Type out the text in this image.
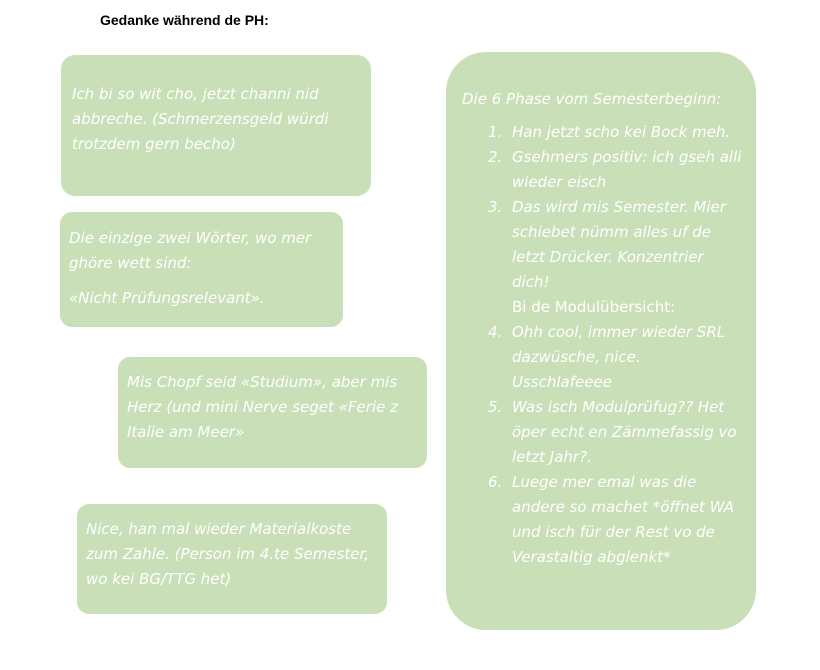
Gedanke während de PH:

Ich bi so wit cho, jetzt channi nid abbreche. (Schmerzensgeld würdi trotzdem gern becho)

Die einzige zwei Wörter, wo mer ghöre wett sind:

«Nicht Prüfungsrelevant».

Mis Chopf seid «Studium», aber mis Herz (und mini Nerve seget «Ferie z Italie am Meer»

Nice, han mal wieder Materialkoste zum Zahle. (Person im 4.te Semester, wo kei BG/TTG het)

Die 6 Phase vom Semesterbeginn:

1. Han jetzt scho kei Bock meh.
2. Gsehmers positiv: ich gseh alli wieder eisch
3. Das wird mis Semester. Mier schiebet nümm alles uf de letzt Drücker. Konzentrier dich!

Bi de Modulübersicht:

4. Ohh cool, immer wieder SRL dazwüsche, nice. Usschlafeeee
5. Was isch Modulprüfug?? Het öper echt en Zämmefassig vo letzt Jahr?.
6. Luege mer emal was die andere so machet *öffnet WA und isch für der Rest vo de Verastaltig abglenkt*
